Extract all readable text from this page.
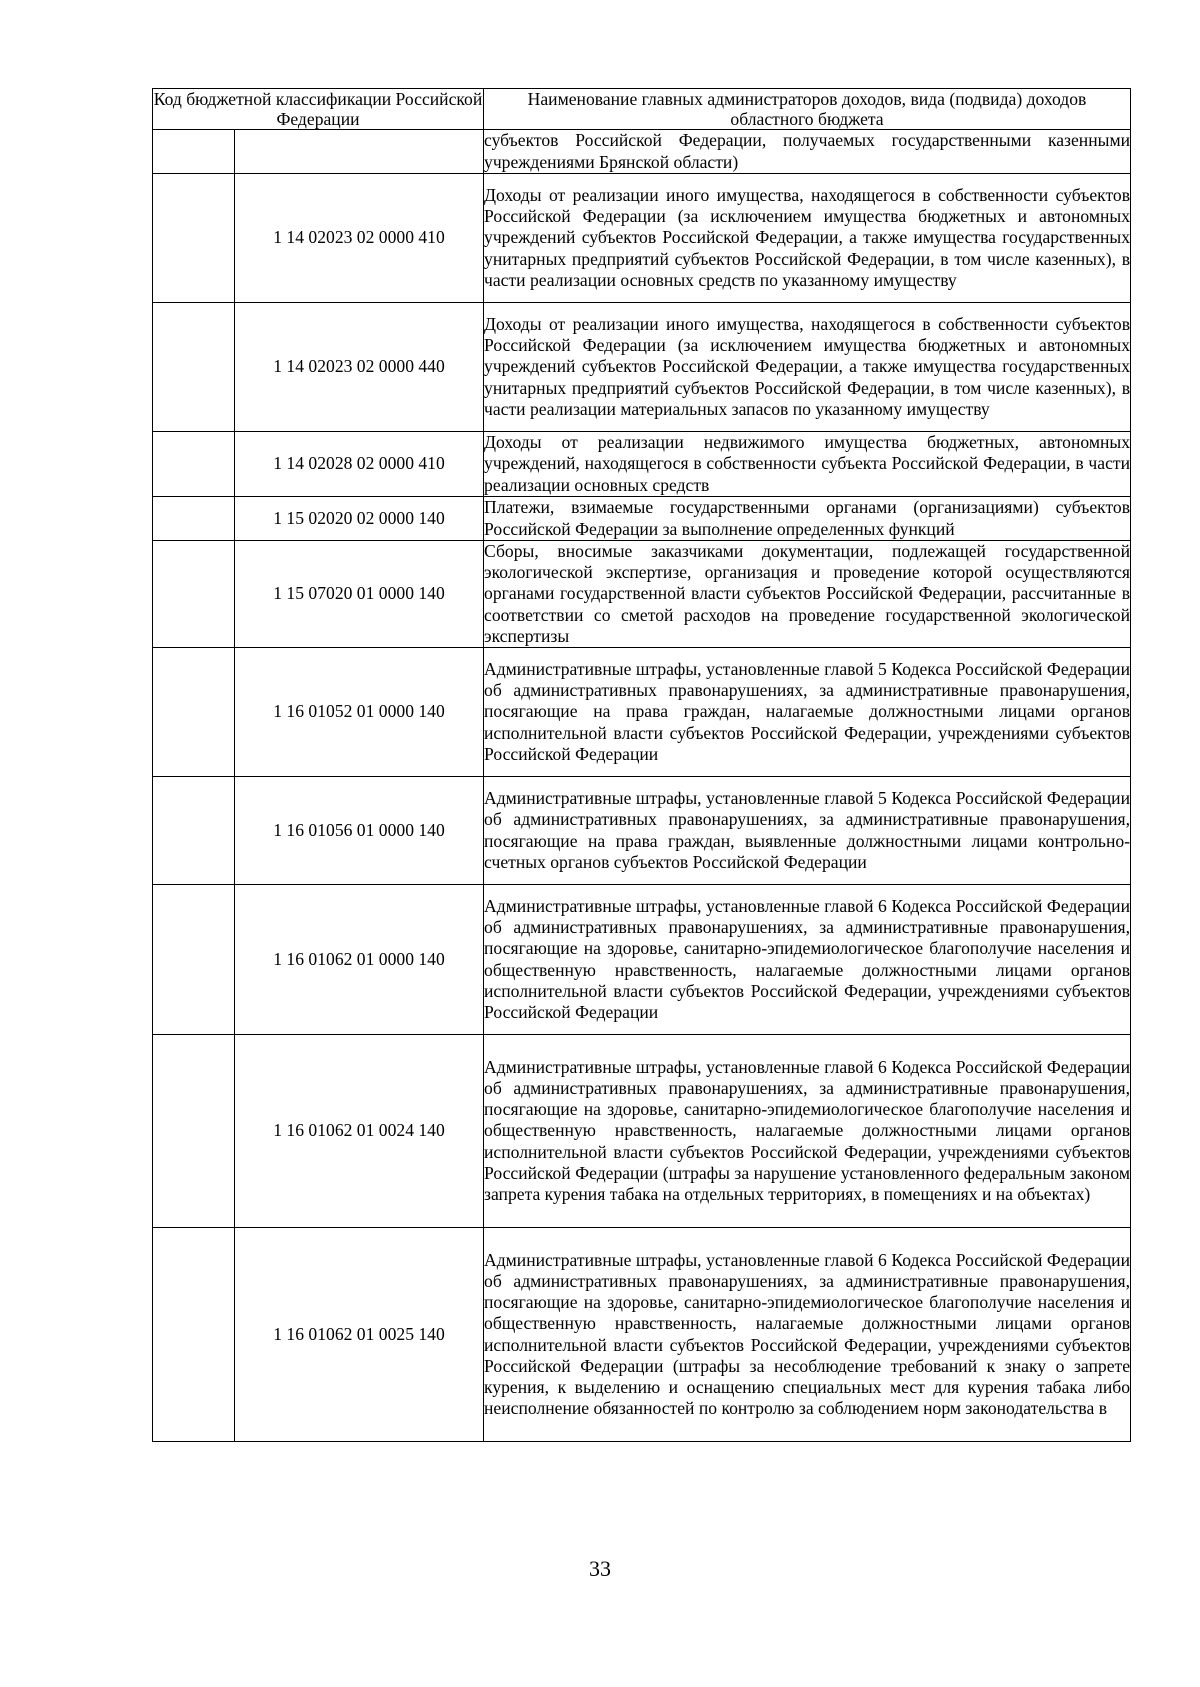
Код бюджетной классификации Российской Федерации		Наименование главных администраторов доходов, вида (подвида) доходов областного бюджета
		субъектов Российской Федерации, получаемых государственными казенными учреждениями Брянской области)
	1 14 02023 02 0000 410	Доходы от реализации иного имущества, находящегося в собственности субъектов Российской Федерации (за исключением имущества бюджетных и автономных учреждений субъектов Российской Федерации, а также имущества государственных унитарных предприятий субъектов Российской Федерации, в том числе казенных), в части реализации основных средств по указанному имуществу
	1 14 02023 02 0000 440	Доходы от реализации иного имущества, находящегося в собственности субъектов Российской Федерации (за исключением имущества бюджетных и автономных учреждений субъектов Российской Федерации, а также имущества государственных унитарных предприятий субъектов Российской Федерации, в том числе казенных), в части реализации материальных запасов по указанному имуществу
	1 14 02028 02 0000 410	Доходы от реализации недвижимого имущества бюджетных, автономных учреждений, находящегося в собственности субъекта Российской Федерации, в части реализации основных средств
	1 15 02020 02 0000 140	Платежи, взимаемые государственными органами (организациями) субъектов Российской Федерации за выполнение определенных функций
	1 15 07020 01 0000 140	Сборы, вносимые заказчиками документации, подлежащей государственной экологической экспертизе, организация и проведение которой осуществляются органами государственной власти субъектов Российской Федерации, рассчитанные в соответствии со сметой расходов на проведение государственной экологической экспертизы
	1 16 01052 01 0000 140	Административные штрафы, установленные главой 5 Кодекса Российской Федерации об административных правонарушениях, за административные правонарушения, посягающие на права граждан, налагаемые должностными лицами органов исполнительной власти субъектов Российской Федерации, учреждениями субъектов Российской Федерации
	1 16 01056 01 0000 140	Административные штрафы, установленные главой 5 Кодекса Российской Федерации об административных правонарушениях, за административные правонарушения, посягающие на права граждан, выявленные должностными лицами контрольно-счетных органов субъектов Российской Федерации
	1 16 01062 01 0000 140	Административные штрафы, установленные главой 6 Кодекса Российской Федерации об административных правонарушениях, за административные правонарушения, посягающие на здоровье, санитарно-эпидемиологическое благополучие населения и общественную нравственность, налагаемые должностными лицами органов исполнительной власти субъектов Российской Федерации, учреждениями субъектов Российской Федерации
	1 16 01062 01 0024 140	Административные штрафы, установленные главой 6 Кодекса Российской Федерации об административных правонарушениях, за административные правонарушения, посягающие на здоровье, санитарно-эпидемиологическое благополучие населения и общественную нравственность, налагаемые должностными лицами органов исполнительной власти субъектов Российской Федерации, учреждениями субъектов Российской Федерации (штрафы за нарушение установленного федеральным законом запрета курения табака на отдельных территориях, в помещениях и на объектах)
	1 16 01062 01 0025 140	Административные штрафы, установленные главой 6 Кодекса Российской Федерации об административных правонарушениях, за административные правонарушения, посягающие на здоровье, санитарно-эпидемиологическое благополучие населения и общественную нравственность, налагаемые должностными лицами органов исполнительной власти субъектов Российской Федерации, учреждениями субъектов Российской Федерации (штрафы за несоблюдение требований к знаку о запрете курения, к выделению и оснащению специальных мест для курения табака либо неисполнение обязанностей по контролю за соблюдением норм законодательства в
33
